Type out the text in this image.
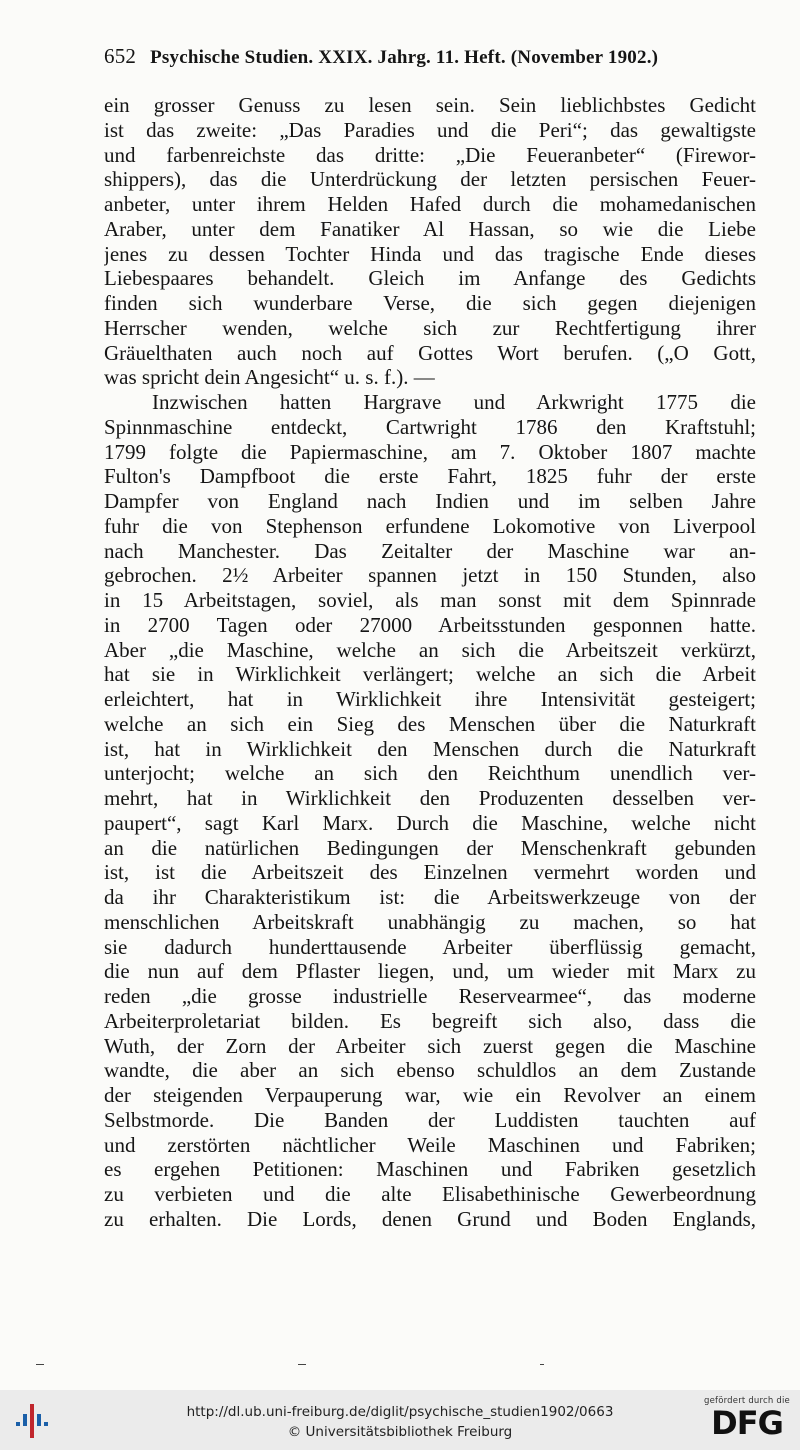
652 Psychische Studien. XXIX. Jahrg. 11. Heft. (November 1902.)
ein grosser Genuss zu lesen sein. Sein lieblichbstes Gedicht
ist das zweite: „Das Paradies und die Peri“; das gewaltigste
und farbenreichste das dritte: „Die Feueranbeter“ (Firewor-
shippers), das die Unterdrückung der letzten persischen Feuer-
anbeter, unter ihrem Helden Hafed durch die mohamedanischen
Araber, unter dem Fanatiker Al Hassan, so wie die Liebe
jenes zu dessen Tochter Hinda und das tragische Ende dieses
Liebespaares behandelt. Gleich im Anfange des Gedichts
finden sich wunderbare Verse, die sich gegen diejenigen
Herrscher wenden, welche sich zur Rechtfertigung ihrer
Gräuelthaten auch noch auf Gottes Wort berufen. („O Gott,
was spricht dein Angesicht“ u. s. f.). —
Inzwischen hatten Hargrave und Arkwright 1775 die
Spinnmaschine entdeckt, Cartwright 1786 den Kraftstuhl;
1799 folgte die Papiermaschine, am 7. Oktober 1807 machte
Fulton's Dampfboot die erste Fahrt, 1825 fuhr der erste
Dampfer von England nach Indien und im selben Jahre
fuhr die von Stephenson erfundene Lokomotive von Liverpool
nach Manchester. Das Zeitalter der Maschine war an-
gebrochen. 2½ Arbeiter spannen jetzt in 150 Stunden, also
in 15 Arbeitstagen, soviel, als man sonst mit dem Spinnrade
in 2700 Tagen oder 27000 Arbeitsstunden gesponnen hatte.
Aber „die Maschine, welche an sich die Arbeitszeit verkürzt,
hat sie in Wirklichkeit verlängert; welche an sich die Arbeit
erleichtert, hat in Wirklichkeit ihre Intensivität gesteigert;
welche an sich ein Sieg des Menschen über die Naturkraft
ist, hat in Wirklichkeit den Menschen durch die Naturkraft
unterjocht; welche an sich den Reichthum unendlich ver-
mehrt, hat in Wirklichkeit den Produzenten desselben ver-
paupert“, sagt Karl Marx. Durch die Maschine, welche nicht
an die natürlichen Bedingungen der Menschenkraft gebunden
ist, ist die Arbeitszeit des Einzelnen vermehrt worden und
da ihr Charakteristikum ist: die Arbeitswerkzeuge von der
menschlichen Arbeitskraft unabhängig zu machen, so hat
sie dadurch hunderttausende Arbeiter überflüssig gemacht,
die nun auf dem Pflaster liegen, und, um wieder mit Marx zu
reden „die grosse industrielle Reservearmee“, das moderne
Arbeiterproletariat bilden. Es begreift sich also, dass die
Wuth, der Zorn der Arbeiter sich zuerst gegen die Maschine
wandte, die aber an sich ebenso schuldlos an dem Zustande
der steigenden Verpauperung war, wie ein Revolver an einem
Selbstmorde. Die Banden der Luddisten tauchten auf
und zerstörten nächtlicher Weile Maschinen und Fabriken;
es ergehen Petitionen: Maschinen und Fabriken gesetzlich
zu verbieten und die alte Elisabethinische Gewerbeordnung
zu erhalten. Die Lords, denen Grund und Boden Englands,
http://dl.ub.uni-freiburg.de/diglit/psychische_studien1902/0663
© Universitätsbibliothek Freiburg
gefördert durch die
DFG
